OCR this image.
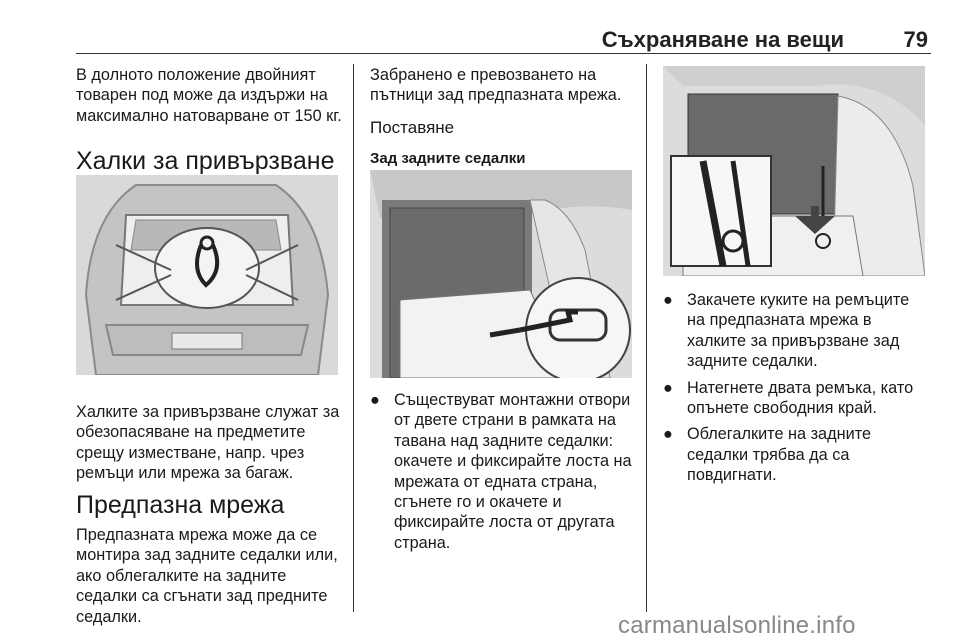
Съхраняване на вещи	79

В долното положение двойният

товарен под може да издържи на

максимално натоварване от 150 кг.

Халки за привързване

Халките за привързване служат за

обезопасяване на предметите

срещу изместване, напр. чрез

ремъци или мрежа за багаж.

Предпазна мрежа

Предпазната мрежа може да се

монтира зад задните седалки или,

ако облегалките на задните

седалки са сгънати зад предните

седалки.

Забранено е превозването на

пътници зад предпазната мрежа.

Поставяне
Зад задните седалки
● Съществуват монтажни отвори
от двете страни в рамката на
тавана над задните седалки:
окачете и фиксирайте лоста на
мрежата от едната страна,
сгънете го и окачете и
фиксирайте лоста от другата
страна.
● Закачете куките на ремъците
на предпазната мрежа в
халките за привързване зад
задните седалки.
● Натегнете двата ремъка, като
опънете свободния край.
● Облегалките на задните
седалки трябва да са
повдигнати.
carmanualsonline.info
